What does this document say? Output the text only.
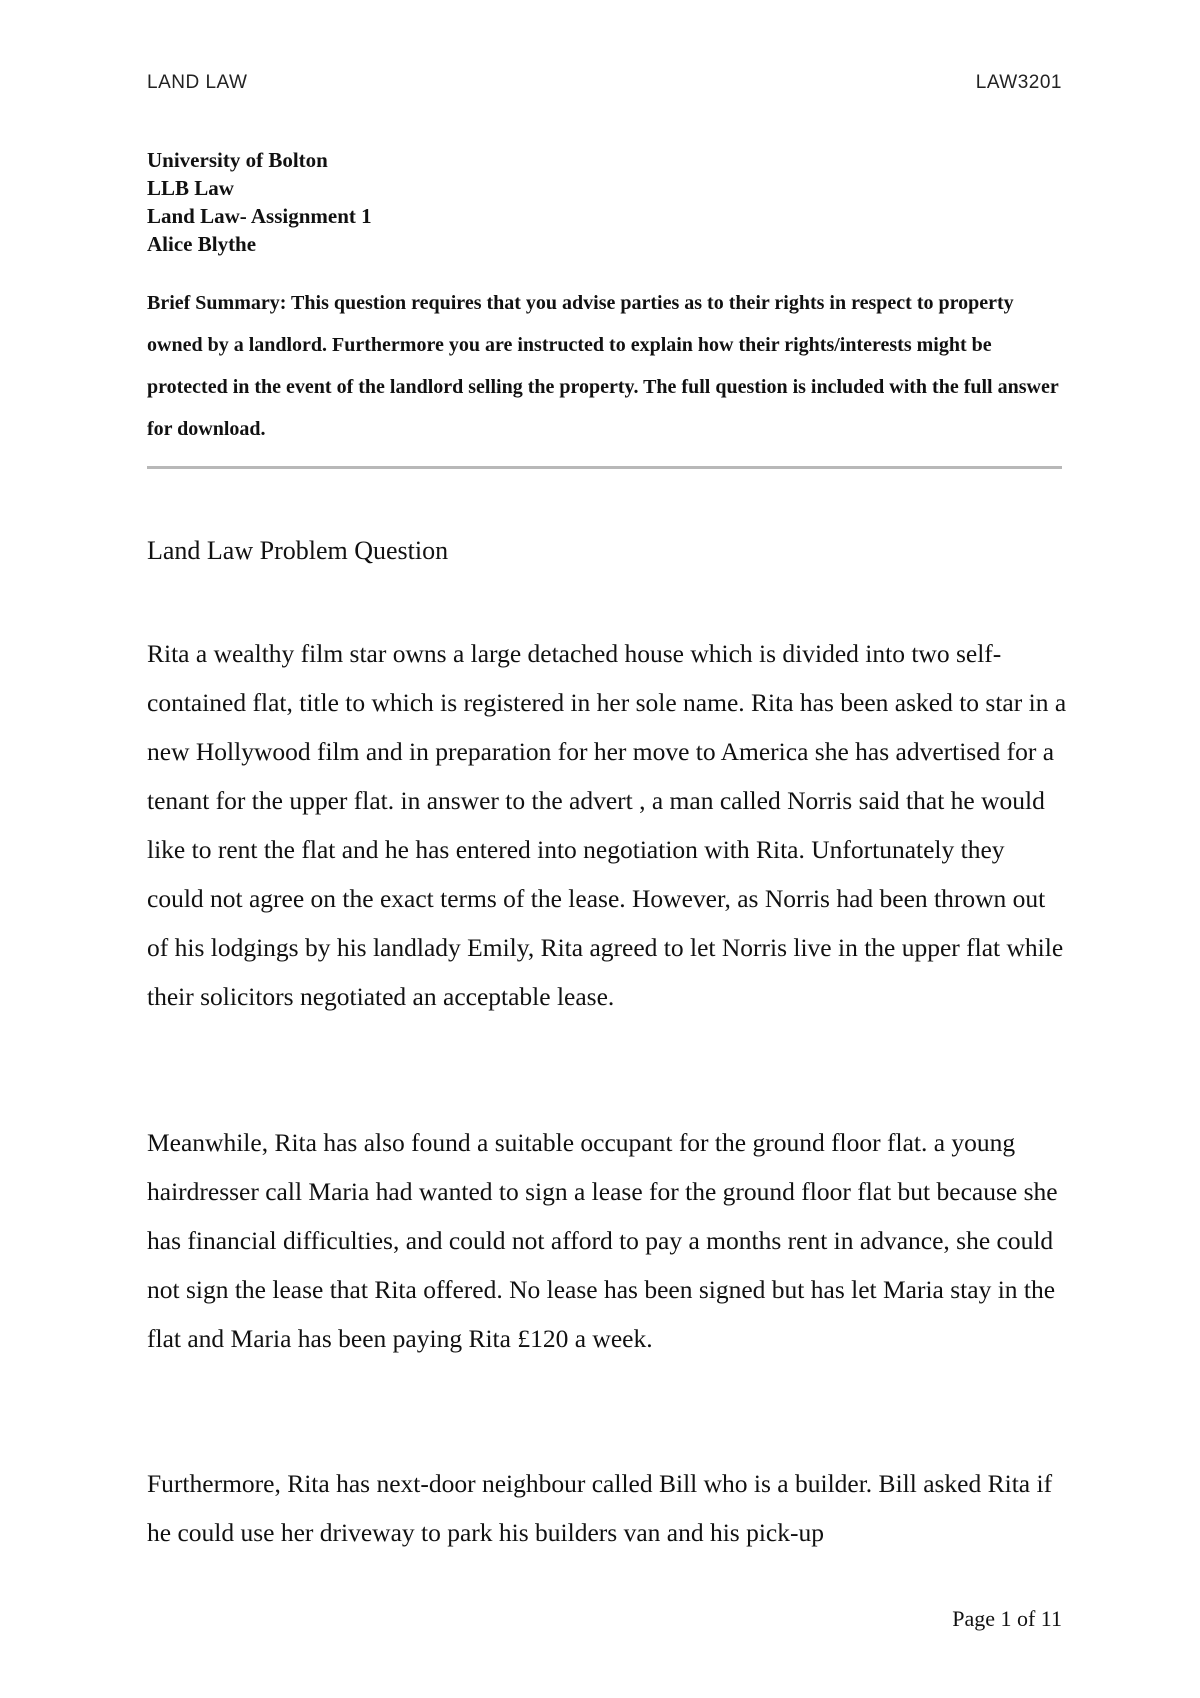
LAND LAW	LAW3201
University of Bolton
LLB Law
Land Law- Assignment 1
Alice Blythe
Brief Summary: This question requires that you advise parties as to their rights in respect to property owned by a landlord. Furthermore you are instructed to explain how their rights/interests might be protected in the event of the landlord selling the property. The full question is included with the full answer for download.
Land Law Problem Question

Rita a wealthy film star owns a large detached house which is divided into two self-contained flat, title to which is registered in her sole name. Rita has been asked to star in a new Hollywood film and in preparation for her move to America she has advertised for a tenant for the upper flat. in answer to the advert , a man called Norris said that he would like to rent the flat and he has entered into negotiation with Rita. Unfortunately they could not agree on the exact terms of the lease. However, as Norris had been thrown out of his lodgings by his landlady Emily, Rita agreed to let Norris live in the upper flat while their solicitors negotiated an acceptable lease.

Meanwhile, Rita has also found a suitable occupant for the ground floor flat. a young hairdresser call Maria had wanted to sign a lease for the ground floor flat but because she has financial difficulties, and could not afford to pay a months rent in advance, she could not sign the lease that Rita offered. No lease has been signed but has let Maria stay in the flat and Maria has been paying Rita £120 a week.

Furthermore, Rita has next-door neighbour called Bill who is a builder. Bill asked Rita if he could use her driveway to park his builders van and his pick-up

Page 1 of 11
